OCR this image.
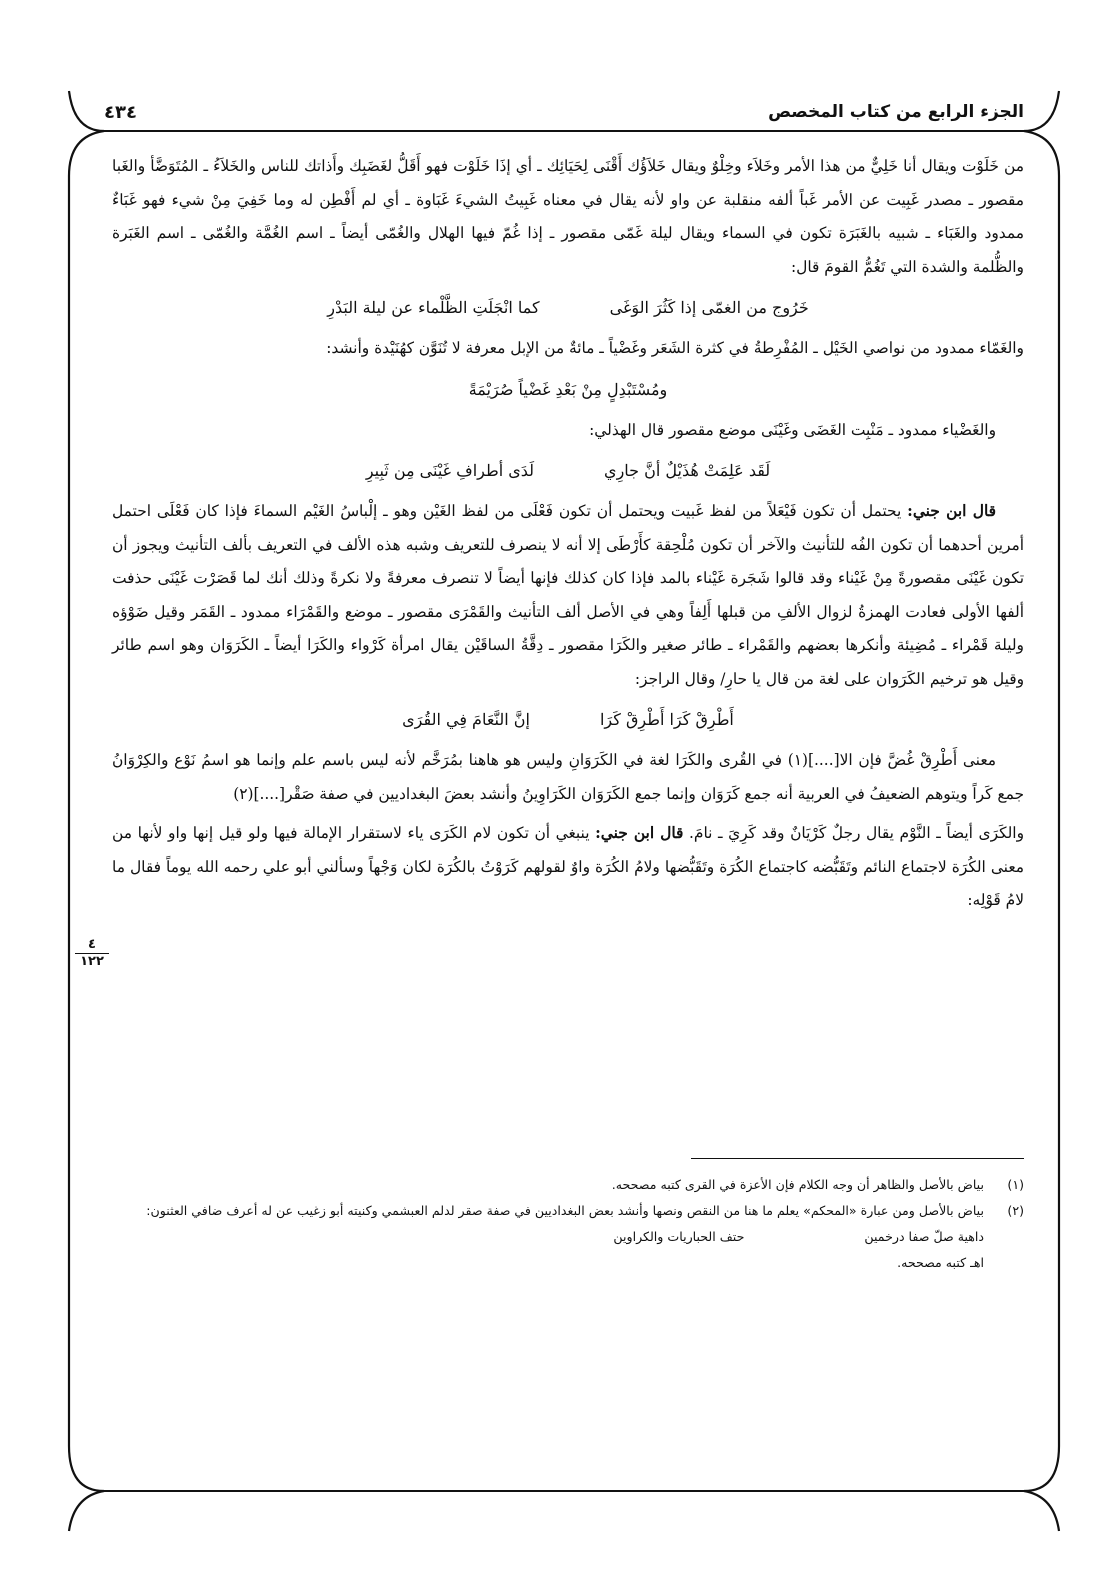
الجزء الرابع من كتاب المخصص
٤٣٤
٤
١٢٢

من خَلَوْت ويقال أنا خَلِيٌّ من هذا الأمر وخَلاَء وخِلْوٌ ويقال خَلاَؤُك أَقْنَى لِحَيَائِك ـ أي إذَا خَلَوْت فهو أَقَلُّ لغَضَبِك وأَذاتك للناس والخَلاَءُ ـ المُتَوَضَّأ والغَبا مقصور ـ مصدر غَبِيت عن الأمر غَباً ألفه منقلبة عن واو لأنه يقال في معناه غَبِيتُ الشيءَ غَبَاوة ـ أي لم أَفْطِن له وما خَفِيَ مِنْ شيء فهو غَبَاءٌ ممدود والغَبَاء ـ شبيه بالغَبَرَة تكون في السماء ويقال ليلة غَمّى مقصور ـ إذا غُمّ فيها الهلال والغُمّى أيضاً ـ اسم الغُمَّة والغُمّى ـ اسم الغَبَرة والظُّلمة والشدة التي تَغُمُّ القومَ قال:

خَرُوج من الغمّى إذا كَثُرَ الوَغَى
كما انْجَلَتِ الظَّلْماء عن ليلة البَدْرِ

والغَمّاء ممدود من نواصي الخَيْل ـ المُفْرِطةُ في كثرة الشَعَر وغَضْياً ـ مائةٌ من الإبل معرفة لا تُنَوَّن كهُنَيْدة وأنشد:

ومُسْتَبْدِلٍ مِنْ بَعْدِ غَضْياً صُرَيْمَةً

والغَضْياء ممدود ـ مَنْبِت الغَضَى وغَيْنَى موضع مقصور قال الهذلي:

لَقَد عَلِمَتْ هُذَيْلٌ أنَّ جارِي
لَدَى أطرافِ غَيْنَى مِن ثَبِيرِ

قال ابن جني: يحتمل أن تكون فَيْعَلاً من لفظ غَبيت ويحتمل أن تكون فَعْلَى من لفظ الغَيْن وهو ـ إلْباسُ الغَيْم السماءَ فإذا كان فَعْلَى احتمل أمرين أحدهما أن تكون الفُه للتأنيث والآخر أن تكون مُلْحِقة كأَرْطَى إلا أنه لا ينصرف للتعريف وشبه هذه الألف في التعريف بألف التأنيث ويجوز أن تكون غَيْنَى مقصورةً مِنْ غَيْناء وقد قالوا شَجَرة غَيْناء بالمد فإذا كان كذلك فإنها أيضاً لا تنصرف معرفةً ولا نكرةً وذلك أنك لما قَصَرْت غَيْنَى حذفت ألفها الأولى فعادت الهمزةُ لزوال الألفِ من قبلها أَلِفاً وهي في الأصل ألف التأنيث والقَمْرَى مقصور ـ موضع والقَمْرَاء ممدود ـ القَمَر وقيل ضَوْؤه وليلة قَمْراء ـ مُضِيئة وأنكرها بعضهم والقَمْراء ـ طائر صغير والكَرَا مقصور ـ دِقَّةُ الساقَيْن يقال امرأة كَرْواء والكَرَا أيضاً ـ الكَرَوَان وهو اسم طائر وقيل هو ترخيم الكَرَوان على لغة من قال يا حارِ/ وقال الراجز:

أَطْرِقْ كَرَا أَطْرِقْ كَرَا
إنَّ النَّعَامَ فِي القُرَى

معنى أَطْرِقْ غُضَّ فإن الا[....](١) في القُرى والكَرَا لغة في الكَرَوَانِ وليس هو هاهنا بمُرَخَّم لأنه ليس باسم علم وإنما هو اسمُ نَوْع والكِرْوَانُ جمع كَراً ويتوهم الضعيفُ في العربية أنه جمع كَرَوَان وإنما جمع الكَرَوَان الكَرَاوِينُ وأنشد بعضَ البغداديين في صفة صَقْر[....](٢)

والكَرَى أيضاً ـ النَّوْم يقال رجلٌ كَرْيَانٌ وقد كَرِيَ ـ نامَ. قال ابن جني: ينبغي أن تكون لام الكَرَى ياء لاستقرار الإمالة فيها ولو قيل إنها واو لأنها من معنى الكُرَة لاجتماع النائم وتَقَبُّضه كاجتماع الكُرَة وتَقَبُّضها ولامُ الكُرَة واوٌ لقولهم كَرَوْتُ بالكُرَة لكان وَجْهاً وسألني أبو علي رحمه الله يوماً فقال ما لامُ قَوْلِه:

(١)
بياض بالأصل والظاهر أن وجه الكلام فإن الأعزة في القرى كتبه مصححه.
(٢)
بياض بالأصل ومن عبارة «المحكم» يعلم ما هنا من النقص ونصها وأنشد بعض البغداديين في صفة صقر لدلم العبشمي وكنيته أبو زغيب عن له أعرف ضافي العثنون:
داهية صلّ صفا درخمين
حتف الحباريات والكراوين
اهـ كتبه مصححه.
